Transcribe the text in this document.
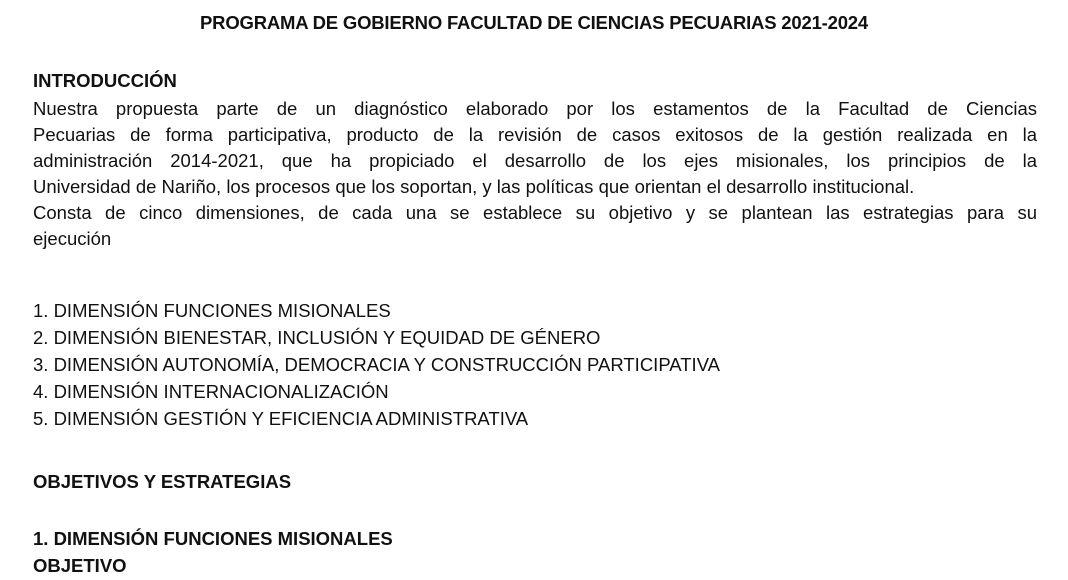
PROGRAMA DE GOBIERNO FACULTAD DE CIENCIAS PECUARIAS 2021-2024
INTRODUCCIÓN
Nuestra propuesta parte de un diagnóstico elaborado por los estamentos de la Facultad de Ciencias
Pecuarias de forma participativa, producto de la revisión de casos exitosos de la gestión realizada en la
administración 2014-2021, que ha propiciado el desarrollo de los ejes misionales, los principios de la
Universidad de Nariño, los procesos que los soportan, y las políticas que orientan el desarrollo institucional.
Consta de cinco dimensiones, de cada una se establece su objetivo y se plantean las estrategias para su
ejecución
1. DIMENSIÓN FUNCIONES MISIONALES
2. DIMENSIÓN BIENESTAR, INCLUSIÓN Y EQUIDAD DE GÉNERO
3. DIMENSIÓN AUTONOMÍA, DEMOCRACIA Y CONSTRUCCIÓN PARTICIPATIVA
4. DIMENSIÓN INTERNACIONALIZACIÓN
5. DIMENSIÓN GESTIÓN Y EFICIENCIA ADMINISTRATIVA
OBJETIVOS Y ESTRATEGIAS
1. DIMENSIÓN FUNCIONES MISIONALES
OBJETIVO
